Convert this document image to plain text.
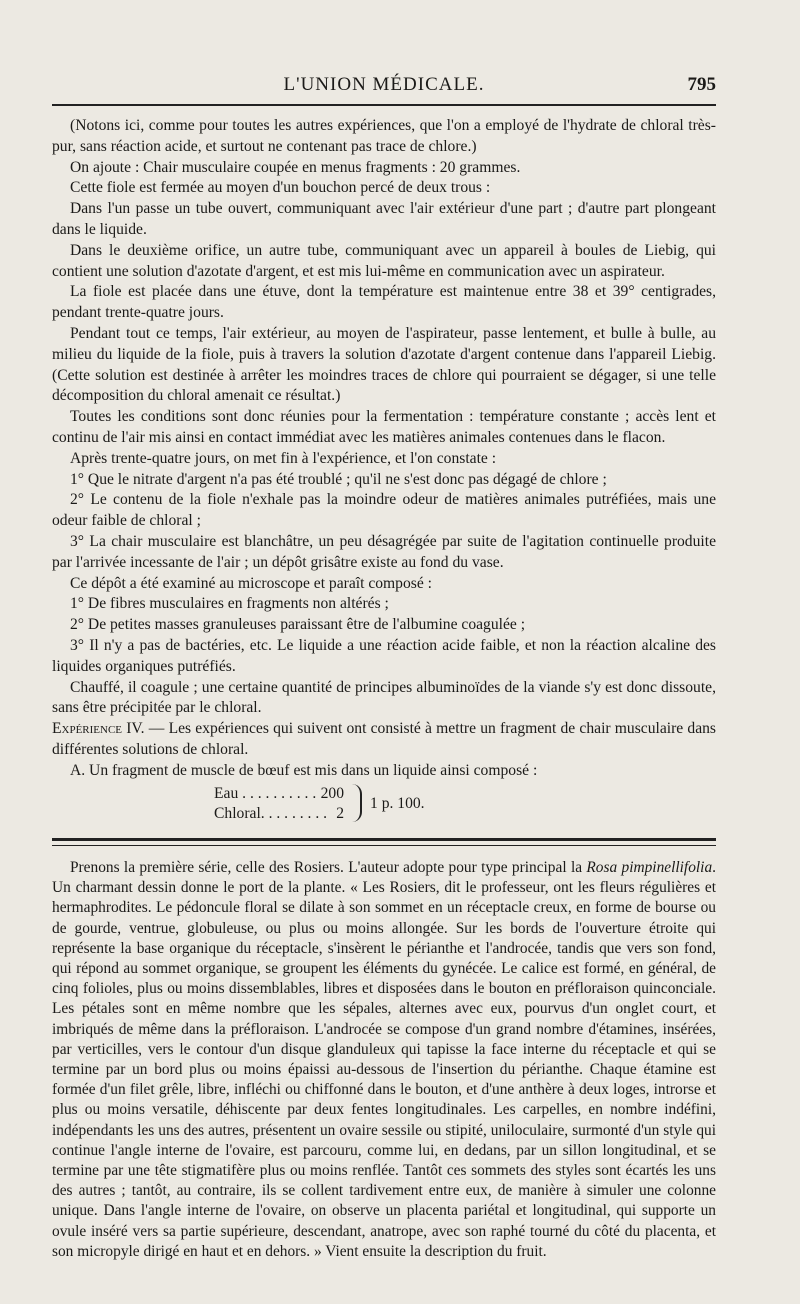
L'UNION MÉDICALE.	795

(Notons ici, comme pour toutes les autres expériences, que l'on a employé de l'hydrate de chloral très-pur, sans réaction acide, et surtout ne contenant pas trace de chlore.)

On ajoute : Chair musculaire coupée en menus fragments : 20 grammes.

Cette fiole est fermée au moyen d'un bouchon percé de deux trous :

Dans l'un passe un tube ouvert, communiquant avec l'air extérieur d'une part ; d'autre part plongeant dans le liquide.

Dans le deuxième orifice, un autre tube, communiquant avec un appareil à boules de Liebig, qui contient une solution d'azotate d'argent, et est mis lui-même en communication avec un aspirateur.

La fiole est placée dans une étuve, dont la température est maintenue entre 38 et 39° centigrades, pendant trente-quatre jours.

Pendant tout ce temps, l'air extérieur, au moyen de l'aspirateur, passe lentement, et bulle à bulle, au milieu du liquide de la fiole, puis à travers la solution d'azotate d'argent contenue dans l'appareil Liebig. (Cette solution est destinée à arrêter les moindres traces de chlore qui pourraient se dégager, si une telle décomposition du chloral amenait ce résultat.)

Toutes les conditions sont donc réunies pour la fermentation : température constante ; accès lent et continu de l'air mis ainsi en contact immédiat avec les matières animales contenues dans le flacon.

Après trente-quatre jours, on met fin à l'expérience, et l'on constate :

1° Que le nitrate d'argent n'a pas été troublé ; qu'il ne s'est donc pas dégagé de chlore ;

2° Le contenu de la fiole n'exhale pas la moindre odeur de matières animales putréfiées, mais une odeur faible de chloral ;

3° La chair musculaire est blanchâtre, un peu désagrégée par suite de l'agitation continuelle produite par l'arrivée incessante de l'air ; un dépôt grisâtre existe au fond du vase.

Ce dépôt a été examiné au microscope et paraît composé :

1° De fibres musculaires en fragments non altérés ;

2° De petites masses granuleuses paraissant être de l'albumine coagulée ;

3° Il n'y a pas de bactéries, etc. Le liquide a une réaction acide faible, et non la réaction alcaline des liquides organiques putréfiés.

Chauffé, il coagule ; une certaine quantité de principes albuminoïdes de la viande s'y est donc dissoute, sans être précipitée par le chloral.

Expérience IV. — Les expériences qui suivent ont consisté à mettre un fragment de chair musculaire dans différentes solutions de chloral.

A. Un fragment de muscle de bœuf est mis dans un liquide ainsi composé :

Eau . . . . . . . . . . 200
Chloral. . . . . . . . . 2
1 p. 100.

Prenons la première série, celle des Rosiers. L'auteur adopte pour type principal la Rosa pimpinellifolia. Un charmant dessin donne le port de la plante. « Les Rosiers, dit le professeur, ont les fleurs régulières et hermaphrodites. Le pédoncule floral se dilate à son sommet en un réceptacle creux, en forme de bourse ou de gourde, ventrue, globuleuse, ou plus ou moins allongée. Sur les bords de l'ouverture étroite qui représente la base organique du réceptacle, s'insèrent le périanthe et l'androcée, tandis que vers son fond, qui répond au sommet organique, se groupent les éléments du gynécée. Le calice est formé, en général, de cinq folioles, plus ou moins dissemblables, libres et disposées dans le bouton en préfloraison quinconciale. Les pétales sont en même nombre que les sépales, alternes avec eux, pourvus d'un onglet court, et imbriqués de même dans la préfloraison. L'androcée se compose d'un grand nombre d'étamines, insérées, par verticilles, vers le contour d'un disque glanduleux qui tapisse la face interne du réceptacle et qui se termine par un bord plus ou moins épaissi au-dessous de l'insertion du périanthe. Chaque étamine est formée d'un filet grêle, libre, infléchi ou chiffonné dans le bouton, et d'une anthère à deux loges, introrse et plus ou moins versatile, déhiscente par deux fentes longitudinales. Les carpelles, en nombre indéfini, indépendants les uns des autres, présentent un ovaire sessile ou stipité, uniloculaire, surmonté d'un style qui continue l'angle interne de l'ovaire, est parcouru, comme lui, en dedans, par un sillon longitudinal, et se termine par une tête stigmatifère plus ou moins renflée. Tantôt ces sommets des styles sont écartés les uns des autres ; tantôt, au contraire, ils se collent tardivement entre eux, de manière à simuler une colonne unique. Dans l'angle interne de l'ovaire, on observe un placenta pariétal et longitudinal, qui supporte un ovule inséré vers sa partie supérieure, descendant, anatrope, avec son raphé tourné du côté du placenta, et son micropyle dirigé en haut et en dehors. » Vient ensuite la description du fruit.
